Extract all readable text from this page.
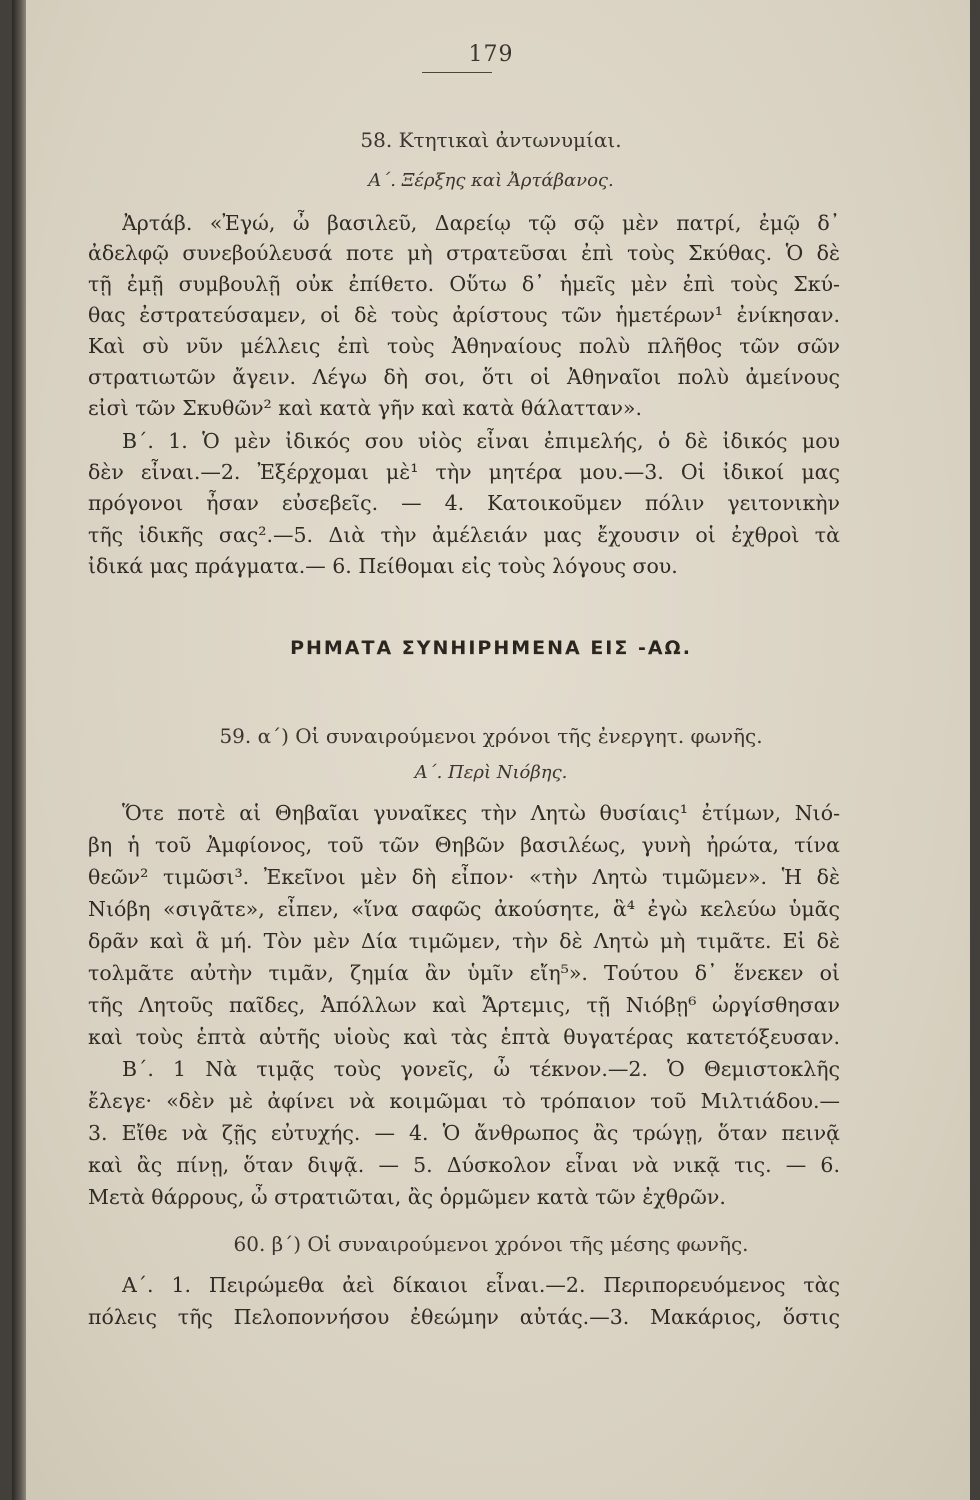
179
58. Κτητικαὶ ἀντωνυμίαι.
Α΄. Ξέρξης καὶ Ἀρτάβανος.
Ἀρτάβ. «Ἐγώ, ὦ βασιλεῦ, Δαρείῳ τῷ σῷ μὲν πατρί, ἐμῷ δ᾽
ἀδελφῷ συνεβούλευσά ποτε μὴ στρατεῦσαι ἐπὶ τοὺς Σκύθας. Ὁ δὲ
τῇ ἐμῇ συμβουλῇ οὐκ ἐπίθετο. Οὕτω δ᾽ ἡμεῖς μὲν ἐπὶ τοὺς Σκύ-
θας ἐστρατεύσαμεν, οἱ δὲ τοὺς ἀρίστους τῶν ἡμετέρων¹ ἐνίκησαν.
Καὶ σὺ νῦν μέλλεις ἐπὶ τοὺς Ἀθηναίους πολὺ πλῆθος τῶν σῶν
στρατιωτῶν ἄγειν. Λέγω δὴ σοι, ὅτι οἱ Ἀθηναῖοι πολὺ ἀμείνους
εἰσὶ τῶν Σκυθῶν² καὶ κατὰ γῆν καὶ κατὰ θάλατταν».
Β΄. 1. Ὁ μὲν ἰδικός σου υἱὸς εἶναι ἐπιμελής, ὁ δὲ ἰδικός μου
δὲν εἶναι.—2. Ἐξέρχομαι μὲ¹ τὴν μητέρα μου.—3. Οἱ ἰδικοί μας
πρόγονοι ἦσαν εὐσεβεῖς. — 4. Κατοικοῦμεν πόλιν γειτονικὴν
τῆς ἰδικῆς σας².—5. Διὰ τὴν ἀμέλειάν μας ἔχουσιν οἱ ἐχθροὶ τὰ
ἰδικά μας πράγματα.— 6. Πείθομαι εἰς τοὺς λόγους σου.
ΡΗΜΑΤΑ ΣΥΝΗΙΡΗΜΕΝΑ ΕΙΣ -ΑΩ.
59. α΄) Οἱ συναιρούμενοι χρόνοι τῆς ἐνεργητ. φωνῆς.
Α΄. Περὶ Νιόβης.
Ὅτε ποτὲ αἱ Θηβαῖαι γυναῖκες τὴν Λητὼ θυσίαις¹ ἐτίμων, Νιό-
βη ἡ τοῦ Ἀμφίονος, τοῦ τῶν Θηβῶν βασιλέως, γυνὴ ἠρώτα, τίνα
θεῶν² τιμῶσι³. Ἐκεῖνοι μὲν δὴ εἶπον· «τὴν Λητὼ τιμῶμεν». Ἡ δὲ
Νιόβη «σιγᾶτε», εἶπεν, «ἵνα σαφῶς ἀκούσητε, ἃ⁴ ἐγὼ κελεύω ὑμᾶς
δρᾶν καὶ ἃ μή. Τὸν μὲν Δία τιμῶμεν, τὴν δὲ Λητὼ μὴ τιμᾶτε. Εἰ δὲ
τολμᾶτε αὐτὴν τιμᾶν, ζημία ἂν ὑμῖν εἴη⁵». Τούτου δ᾽ ἕνεκεν οἱ
τῆς Λητοῦς παῖδες, Ἀπόλλων καὶ Ἄρτεμις, τῇ Νιόβῃ⁶ ὠργίσθησαν
καὶ τοὺς ἑπτὰ αὐτῆς υἱοὺς καὶ τὰς ἑπτὰ θυγατέρας κατετόξευσαν.
Β΄. 1 Νὰ τιμᾷς τοὺς γονεῖς, ὦ τέκνον.—2. Ὁ Θεμιστοκλῆς
ἔλεγε· «δὲν μὲ ἀφίνει νὰ κοιμῶμαι τὸ τρόπαιον τοῦ Μιλτιάδου.—
3. Εἴθε νὰ ζῇς εὐτυχής. — 4. Ὁ ἄνθρωπος ἂς τρώγῃ, ὅταν πεινᾷ
καὶ ἂς πίνῃ, ὅταν διψᾷ. — 5. Δύσκολον εἶναι νὰ νικᾷ τις. — 6.
Μετὰ θάρρους, ὦ στρατιῶται, ἂς ὁρμῶμεν κατὰ τῶν ἐχθρῶν.
60. β΄) Οἱ συναιρούμενοι χρόνοι τῆς μέσης φωνῆς.
Α΄. 1. Πειρώμεθα ἀεὶ δίκαιοι εἶναι.—2. Περιπορευόμενος τὰς
πόλεις τῆς Πελοποννήσου ἐθεώμην αὐτάς.—3. Μακάριος, ὅστις
